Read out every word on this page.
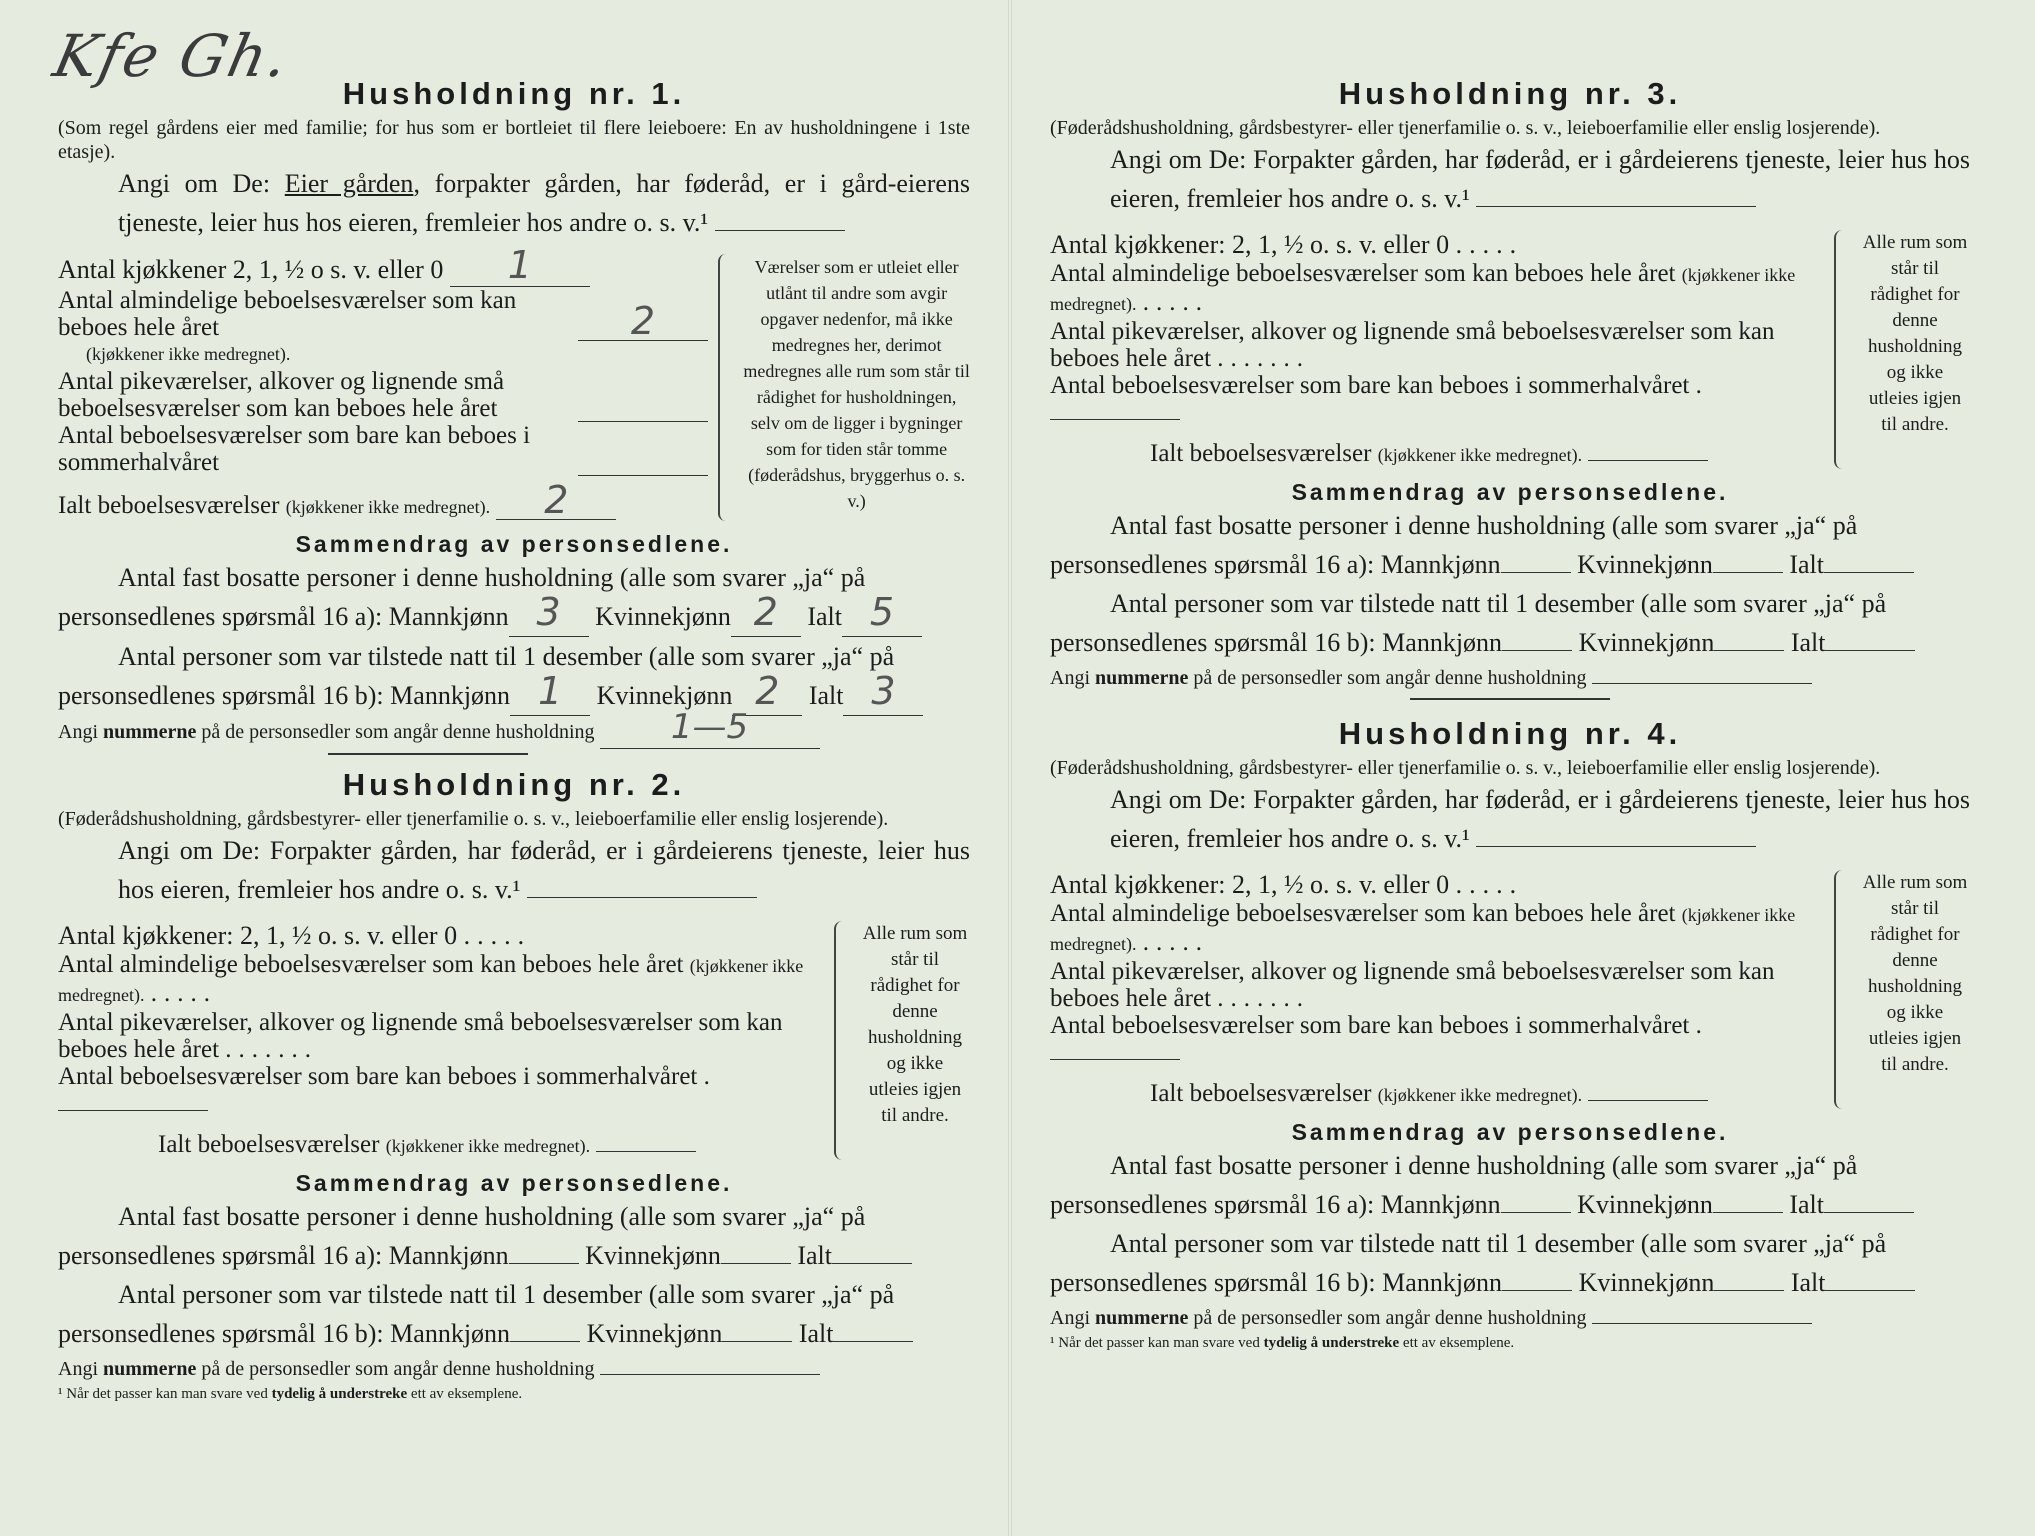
Kfe Gh.
Husholdning nr. 1.
(Som regel gårdens eier med familie; for hus som er bortleiet til flere leieboere: En av husholdningene i 1ste etasje).
Angi om De: Eier gården, forpakter gården, har føderåd, er i gård-eierens tjeneste, leier hus hos eieren, fremleier hos andre o. s. v.¹

Antal kjøkkener 2, 1, ½ o s. v. eller 0 1

Antal almindelige beboelsesværelser som kan beboes hele året	2

(kjøkkener ikke medregnet).

Antal pikeværelser, alkover og lignende små beboelsesværelser som kan beboes hele året

Antal beboelsesværelser som bare kan beboes i sommerhalvåret

Ialt beboelsesværelser (kjøkkener ikke medregnet). 2

Værelser som er utleiet eller utlånt til andre som avgir opgaver nedenfor, må ikke medregnes her, derimot medregnes alle rum som står til rådighet for husholdningen, selv om de ligger i bygninger som for tiden står tomme (føderådshus, bryggerhus o. s. v.)
Sammendrag av personsedlene.
Antal fast bosatte personer i denne husholdning (alle som svarer „ja“ på
personsedlenes spørsmål 16 a): Mannkjønn 3 Kvinnekjønn 2 Ialt 5
Antal personer som var tilstede natt til 1 desember (alle som svarer „ja“ på
personsedlenes spørsmål 16 b): Mannkjønn 1 Kvinnekjønn 2 Ialt 3
Angi nummerne på de personsedler som angår denne husholdning 1—5
Husholdning nr. 2.
(Føderådshusholdning, gårdsbestyrer- eller tjenerfamilie o. s. v., leieboerfamilie eller enslig losjerende).
Angi om De: Forpakter gården, har føderåd, er i gårdeierens tjeneste, leier hus hos eieren, fremleier hos andre o. s. v.¹

Antal kjøkkener: 2, 1, ½ o. s. v. eller 0 .....

Antal almindelige beboelsesværelser som kan beboes hele året (kjøkkener ikke medregnet). .....

Antal pikeværelser, alkover og lignende små beboelsesværelser som kan beboes hele året .......

Antal beboelsesværelser som bare kan beboes i sommerhalvåret .

Ialt beboelsesværelser (kjøkkener ikke medregnet).

Alle rum som står til rådighet for denne husholdning og ikke utleies igjen til andre.
Sammendrag av personsedlene.
Antal fast bosatte personer i denne husholdning (alle som svarer „ja“ på
personsedlenes spørsmål 16 a): Mannkjønn	Kvinnekjønn	Ialt
Antal personer som var tilstede natt til 1 desember (alle som svarer „ja“ på
personsedlenes spørsmål 16 b): Mannkjønn	Kvinnekjønn	Ialt
Angi nummerne på de personsedler som angår denne husholdning
¹ Når det passer kan man svare ved tydelig å understreke ett av eksemplene.
Husholdning nr. 3.
(Føderådshusholdning, gårdsbestyrer- eller tjenerfamilie o. s. v., leieboerfamilie eller enslig losjerende).
Angi om De: Forpakter gården, har føderåd, er i gårdeierens tjeneste, leier hus hos eieren, fremleier hos andre o. s. v.¹

Antal kjøkkener: 2, 1, ½ o. s. v. eller 0 .....

Antal almindelige beboelsesværelser som kan beboes hele året (kjøkkener ikke medregnet). .....

Antal pikeværelser, alkover og lignende små beboelsesværelser som kan beboes hele året .......

Antal beboelsesværelser som bare kan beboes i sommerhalvåret .

Ialt beboelsesværelser (kjøkkener ikke medregnet).

Alle rum som står til rådighet for denne husholdning og ikke utleies igjen til andre.
Sammendrag av personsedlene.
Antal fast bosatte personer i denne husholdning (alle som svarer „ja“ på
personsedlenes spørsmål 16 a): Mannkjønn	Kvinnekjønn	Ialt
Antal personer som var tilstede natt til 1 desember (alle som svarer „ja“ på
personsedlenes spørsmål 16 b): Mannkjønn	Kvinnekjønn	Ialt
Angi nummerne på de personsedler som angår denne husholdning
Husholdning nr. 4.
(Føderådshusholdning, gårdsbestyrer- eller tjenerfamilie o. s. v., leieboerfamilie eller enslig losjerende).
Angi om De: Forpakter gården, har føderåd, er i gårdeierens tjeneste, leier hus hos eieren, fremleier hos andre o. s. v.¹

Antal kjøkkener: 2, 1, ½ o. s. v. eller 0 .....

Antal almindelige beboelsesværelser som kan beboes hele året (kjøkkener ikke medregnet). .....

Antal pikeværelser, alkover og lignende små beboelsesværelser som kan beboes hele året .......

Antal beboelsesværelser som bare kan beboes i sommerhalvåret .

Ialt beboelsesværelser (kjøkkener ikke medregnet).

Alle rum som står til rådighet for denne husholdning og ikke utleies igjen til andre.
Sammendrag av personsedlene.
Antal fast bosatte personer i denne husholdning (alle som svarer „ja“ på
personsedlenes spørsmål 16 a): Mannkjønn	Kvinnekjønn	Ialt
Antal personer som var tilstede natt til 1 desember (alle som svarer „ja“ på
personsedlenes spørsmål 16 b): Mannkjønn	Kvinnekjønn	Ialt
Angi nummerne på de personsedler som angår denne husholdning
¹ Når det passer kan man svare ved tydelig å understreke ett av eksemplene.
